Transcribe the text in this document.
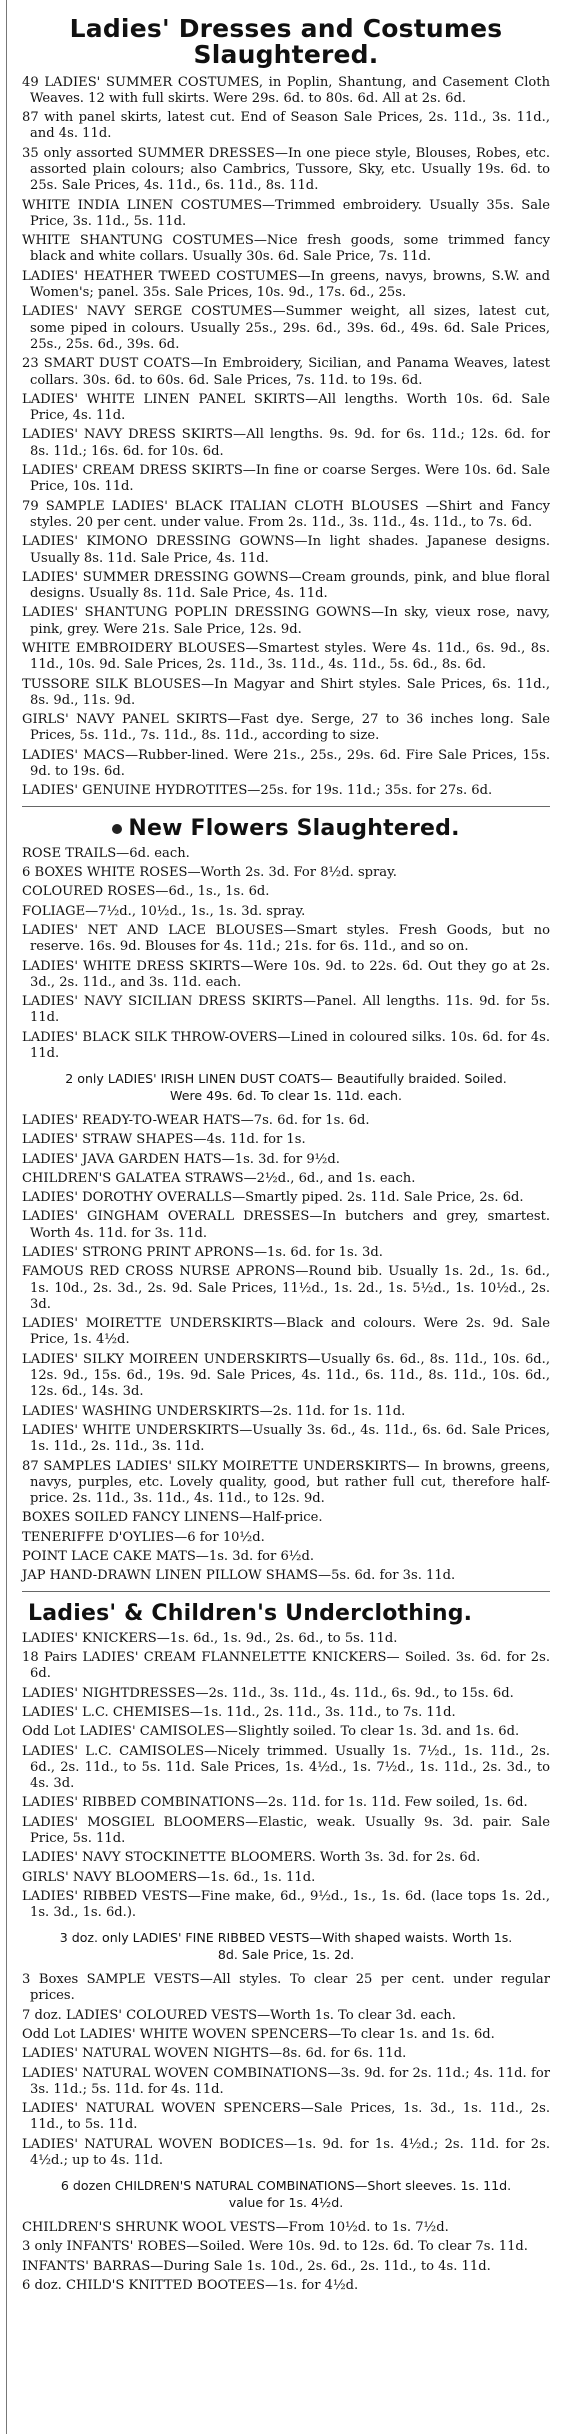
Ladies' Dresses and Costumes
Slaughtered.
49 LADIES' SUMMER COSTUMES, in Poplin, Shantung, and Casement Cloth Weaves. 12 with full skirts. Were 29s. 6d. to 80s. 6d. All at 2s. 6d.
87 with panel skirts, latest cut. End of Season Sale Prices, 2s. 11d., 3s. 11d., and 4s. 11d.
35 only assorted SUMMER DRESSES—In one piece style, Blouses, Robes, etc. assorted plain colours; also Cambrics, Tussore, Sky, etc. Usually 19s. 6d. to 25s. Sale Prices, 4s. 11d., 6s. 11d., 8s. 11d.
WHITE INDIA LINEN COSTUMES—Trimmed embroidery. Usually 35s. Sale Price, 3s. 11d., 5s. 11d.
WHITE SHANTUNG COSTUMES—Nice fresh goods, some trimmed fancy black and white collars. Usually 30s. 6d. Sale Price, 7s. 11d.
LADIES' HEATHER TWEED COSTUMES—In greens, navys, browns, S.W. and Women's; panel. 35s. Sale Prices, 10s. 9d., 17s. 6d., 25s.
LADIES' NAVY SERGE COSTUMES—Summer weight, all sizes, latest cut, some piped in colours. Usually 25s., 29s. 6d., 39s. 6d., 49s. 6d. Sale Prices, 25s., 25s. 6d., 39s. 6d.
23 SMART DUST COATS—In Embroidery, Sicilian, and Panama Weaves, latest collars. 30s. 6d. to 60s. 6d. Sale Prices, 7s. 11d. to 19s. 6d.
LADIES' WHITE LINEN PANEL SKIRTS—All lengths. Worth 10s. 6d. Sale Price, 4s. 11d.
LADIES' NAVY DRESS SKIRTS—All lengths. 9s. 9d. for 6s. 11d.; 12s. 6d. for 8s. 11d.; 16s. 6d. for 10s. 6d.
LADIES' CREAM DRESS SKIRTS—In fine or coarse Serges. Were 10s. 6d. Sale Price, 10s. 11d.
79 SAMPLE LADIES' BLACK ITALIAN CLOTH BLOUSES —Shirt and Fancy styles. 20 per cent. under value. From 2s. 11d., 3s. 11d., 4s. 11d., to 7s. 6d.
LADIES' KIMONO DRESSING GOWNS—In light shades. Japanese designs. Usually 8s. 11d. Sale Price, 4s. 11d.
LADIES' SUMMER DRESSING GOWNS—Cream grounds, pink, and blue floral designs. Usually 8s. 11d. Sale Price, 4s. 11d.
LADIES' SHANTUNG POPLIN DRESSING GOWNS—In sky, vieux rose, navy, pink, grey. Were 21s. Sale Price, 12s. 9d.
WHITE EMBROIDERY BLOUSES—Smartest styles. Were 4s. 11d., 6s. 9d., 8s. 11d., 10s. 9d. Sale Prices, 2s. 11d., 3s. 11d., 4s. 11d., 5s. 6d., 8s. 6d.
TUSSORE SILK BLOUSES—In Magyar and Shirt styles. Sale Prices, 6s. 11d., 8s. 9d., 11s. 9d.
GIRLS' NAVY PANEL SKIRTS—Fast dye. Serge, 27 to 36 inches long. Sale Prices, 5s. 11d., 7s. 11d., 8s. 11d., according to size.
LADIES' MACS—Rubber-lined. Were 21s., 25s., 29s. 6d. Fire Sale Prices, 15s. 9d. to 19s. 6d.
LADIES' GENUINE HYDROTITES—25s. for 19s. 11d.; 35s. for 27s. 6d.
New Flowers Slaughtered.
ROSE TRAILS—6d. each.
6 BOXES WHITE ROSES—Worth 2s. 3d. For 8½d. spray.
COLOURED ROSES—6d., 1s., 1s. 6d.
FOLIAGE—7½d., 10½d., 1s., 1s. 3d. spray.
LADIES' NET AND LACE BLOUSES—Smart styles. Fresh Goods, but no reserve. 16s. 9d. Blouses for 4s. 11d.; 21s. for 6s. 11d., and so on.
LADIES' WHITE DRESS SKIRTS—Were 10s. 9d. to 22s. 6d. Out they go at 2s. 3d., 2s. 11d., and 3s. 11d. each.
LADIES' NAVY SICILIAN DRESS SKIRTS—Panel. All lengths. 11s. 9d. for 5s. 11d.
LADIES' BLACK SILK THROW-OVERS—Lined in coloured silks. 10s. 6d. for 4s. 11d.
2 only LADIES' IRISH LINEN DUST COATS— Beautifully braided. Soiled. Were 49s. 6d. To clear 1s. 11d. each.
LADIES' READY-TO-WEAR HATS—7s. 6d. for 1s. 6d.
LADIES' STRAW SHAPES—4s. 11d. for 1s.
LADIES' JAVA GARDEN HATS—1s. 3d. for 9½d.
CHILDREN'S GALATEA STRAWS—2½d., 6d., and 1s. each.
LADIES' DOROTHY OVERALLS—Smartly piped. 2s. 11d. Sale Price, 2s. 6d.
LADIES' GINGHAM OVERALL DRESSES—In butchers and grey, smartest. Worth 4s. 11d. for 3s. 11d.
LADIES' STRONG PRINT APRONS—1s. 6d. for 1s. 3d.
FAMOUS RED CROSS NURSE APRONS—Round bib. Usually 1s. 2d., 1s. 6d., 1s. 10d., 2s. 3d., 2s. 9d. Sale Prices, 11½d., 1s. 2d., 1s. 5½d., 1s. 10½d., 2s. 3d.
LADIES' MOIRETTE UNDERSKIRTS—Black and colours. Were 2s. 9d. Sale Price, 1s. 4½d.
LADIES' SILKY MOIREEN UNDERSKIRTS—Usually 6s. 6d., 8s. 11d., 10s. 6d., 12s. 9d., 15s. 6d., 19s. 9d. Sale Prices, 4s. 11d., 6s. 11d., 8s. 11d., 10s. 6d., 12s. 6d., 14s. 3d.
LADIES' WASHING UNDERSKIRTS—2s. 11d. for 1s. 11d.
LADIES' WHITE UNDERSKIRTS—Usually 3s. 6d., 4s. 11d., 6s. 6d. Sale Prices, 1s. 11d., 2s. 11d., 3s. 11d.
87 SAMPLES LADIES' SILKY MOIRETTE UNDERSKIRTS— In browns, greens, navys, purples, etc. Lovely quality, good, but rather full cut, therefore half-price. 2s. 11d., 3s. 11d., 4s. 11d., to 12s. 9d.
BOXES SOILED FANCY LINENS—Half-price.
TENERIFFE D'OYLIES—6 for 10½d.
POINT LACE CAKE MATS—1s. 3d. for 6½d.
JAP HAND-DRAWN LINEN PILLOW SHAMS—5s. 6d. for 3s. 11d.
Ladies' & Children's Underclothing.
LADIES' KNICKERS—1s. 6d., 1s. 9d., 2s. 6d., to 5s. 11d.
18 Pairs LADIES' CREAM FLANNELETTE KNICKERS— Soiled. 3s. 6d. for 2s. 6d.
LADIES' NIGHTDRESSES—2s. 11d., 3s. 11d., 4s. 11d., 6s. 9d., to 15s. 6d.
LADIES' L.C. CHEMISES—1s. 11d., 2s. 11d., 3s. 11d., to 7s. 11d.
Odd Lot LADIES' CAMISOLES—Slightly soiled. To clear 1s. 3d. and 1s. 6d.
LADIES' L.C. CAMISOLES—Nicely trimmed. Usually 1s. 7½d., 1s. 11d., 2s. 6d., 2s. 11d., to 5s. 11d. Sale Prices, 1s. 4½d., 1s. 7½d., 1s. 11d., 2s. 3d., to 4s. 3d.
LADIES' RIBBED COMBINATIONS—2s. 11d. for 1s. 11d. Few soiled, 1s. 6d.
LADIES' MOSGIEL BLOOMERS—Elastic, weak. Usually 9s. 3d. pair. Sale Price, 5s. 11d.
LADIES' NAVY STOCKINETTE BLOOMERS. Worth 3s. 3d. for 2s. 6d.
GIRLS' NAVY BLOOMERS—1s. 6d., 1s. 11d.
LADIES' RIBBED VESTS—Fine make, 6d., 9½d., 1s., 1s. 6d. (lace tops 1s. 2d., 1s. 3d., 1s. 6d.).
3 doz. only LADIES' FINE RIBBED VESTS—With shaped waists. Worth 1s. 8d. Sale Price, 1s. 2d.
3 Boxes SAMPLE VESTS—All styles. To clear 25 per cent. under regular prices.
7 doz. LADIES' COLOURED VESTS—Worth 1s. To clear 3d. each.
Odd Lot LADIES' WHITE WOVEN SPENCERS—To clear 1s. and 1s. 6d.
LADIES' NATURAL WOVEN NIGHTS—8s. 6d. for 6s. 11d.
LADIES' NATURAL WOVEN COMBINATIONS—3s. 9d. for 2s. 11d.; 4s. 11d. for 3s. 11d.; 5s. 11d. for 4s. 11d.
LADIES' NATURAL WOVEN SPENCERS—Sale Prices, 1s. 3d., 1s. 11d., 2s. 11d., to 5s. 11d.
LADIES' NATURAL WOVEN BODICES—1s. 9d. for 1s. 4½d.; 2s. 11d. for 2s. 4½d.; up to 4s. 11d.
6 dozen CHILDREN'S NATURAL COMBINATIONS—Short sleeves. 1s. 11d. value for 1s. 4½d.
CHILDREN'S SHRUNK WOOL VESTS—From 10½d. to 1s. 7½d.
3 only INFANTS' ROBES—Soiled. Were 10s. 9d. to 12s. 6d. To clear 7s. 11d.
INFANTS' BARRAS—During Sale 1s. 10d., 2s. 6d., 2s. 11d., to 4s. 11d.
6 doz. CHILD'S KNITTED BOOTEES—1s. for 4½d.
